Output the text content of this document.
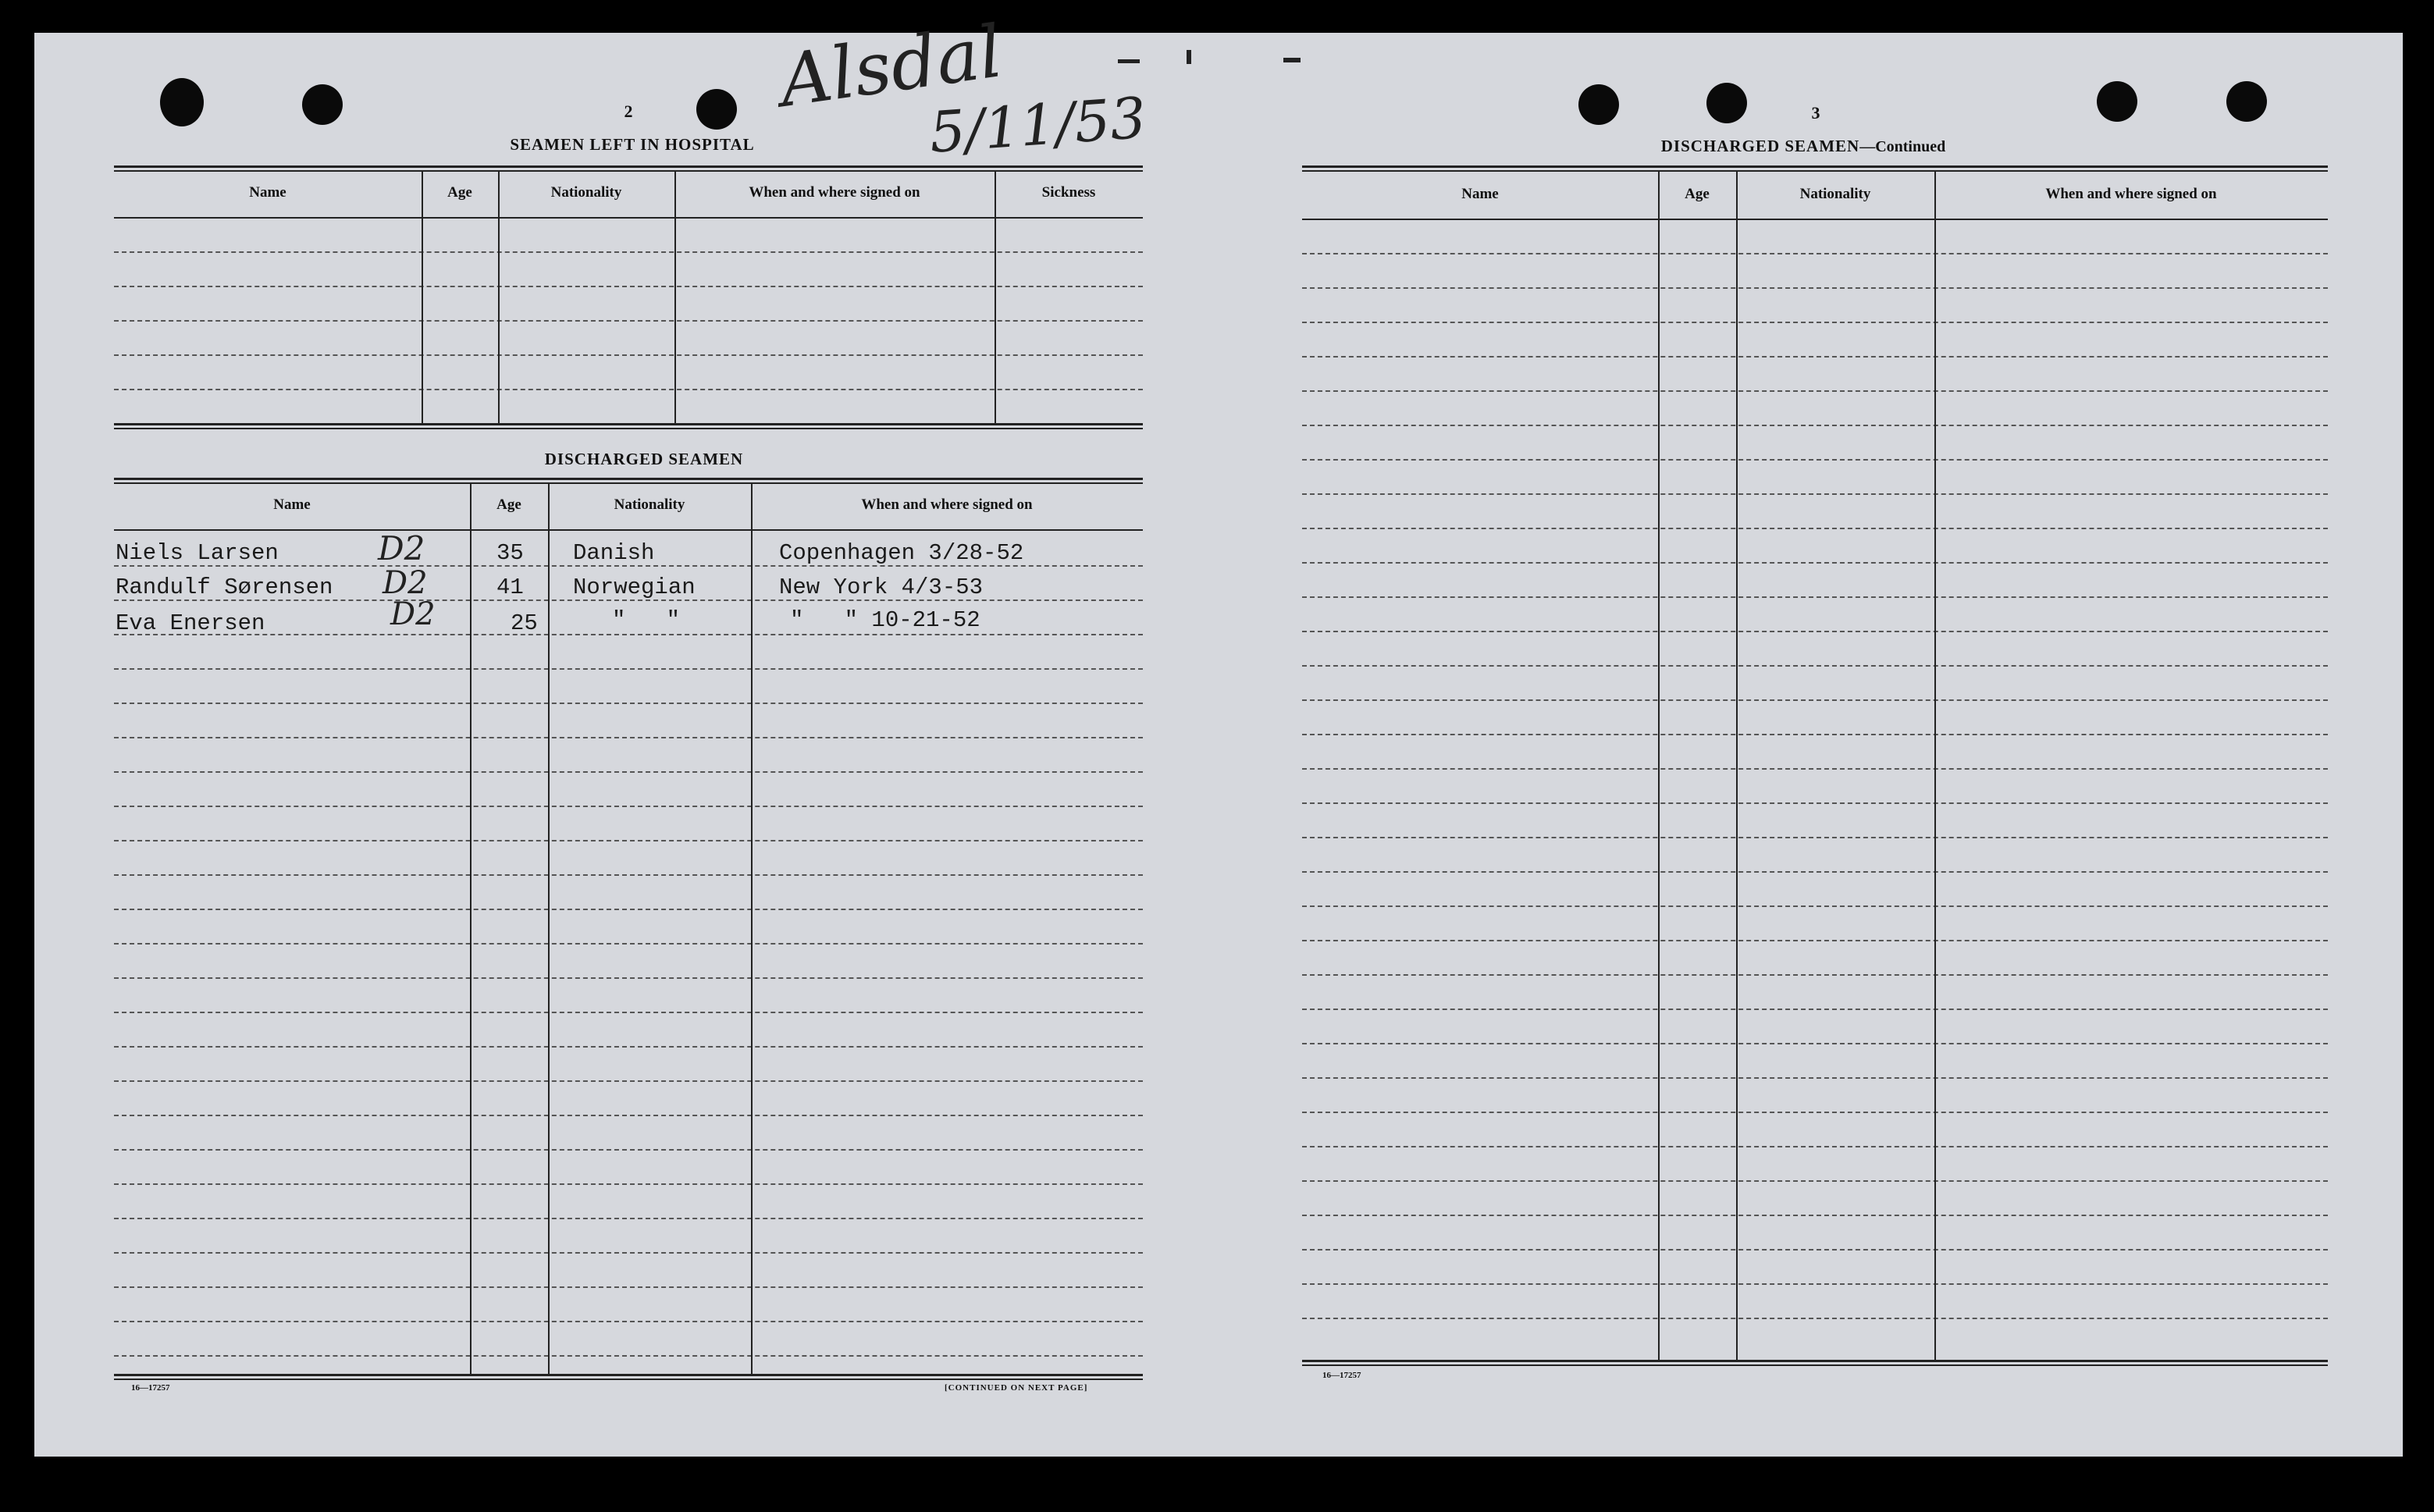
Alsdal
5/11/53
2
SEAMEN LEFT IN HOSPITAL
Name	Age	Nationality	When and where signed on	Sickness
DISCHARGED SEAMEN
Name	Age	Nationality	When and where signed on
Niels Larsen	D2	35 Danish	Copenhagen 3/28-52
Randulf Sørensen D2	41 Norwegian	New York 4/3-53
Eva Enersen	D2	25	"   "	"   " 10-21-52
16—17257	[CONTINUED ON NEXT PAGE]
3
DISCHARGED SEAMEN—Continued
Name	Age	Nationality	When and where signed on
16—17257
